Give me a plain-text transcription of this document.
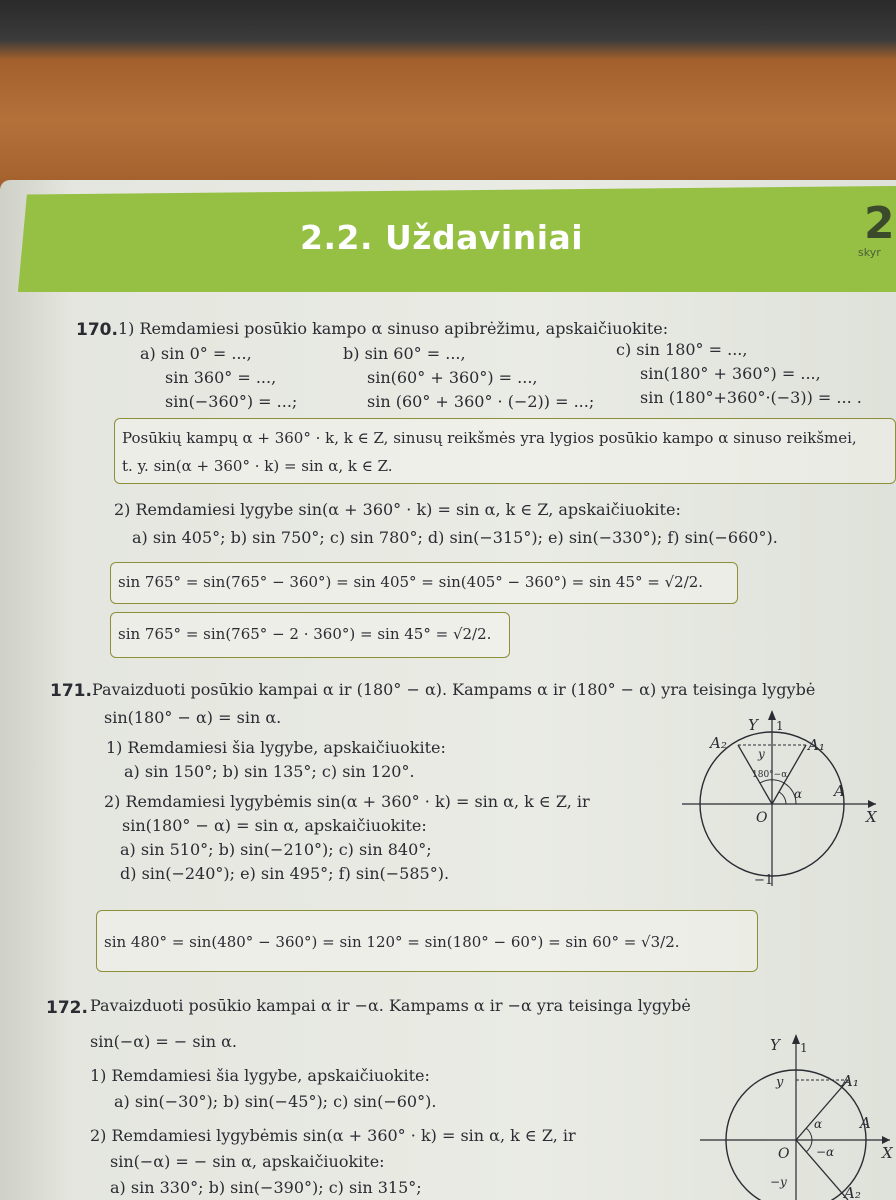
2.2. Uždaviniai	2
skyr
170. 1) Remdamiesi posūkio kampo α sinuso apibrėžimu, apskaičiuokite:
a) sin 0° = ...,
sin 360° = ...,
sin(−360°) = ...;
b) sin 60° = ...,
sin(60° + 360°) = ...,
sin (60° + 360° · (−2)) = ...;
c) sin 180° = ...,
sin(180° + 360°) = ...,
sin (180°+360°·(−3)) = ... .
Posūkių kampų α + 360° · k, k ∈ Z, sinusų reikšmės yra lygios posūkio kampo α sinuso reikšmei,
t. y. sin(α + 360° · k) = sin α, k ∈ Z.
2) Remdamiesi lygybe sin(α + 360° · k) = sin α, k ∈ Z, apskaičiuokite:
a) sin 405°; b) sin 750°; c) sin 780°; d) sin(−315°); e) sin(−330°); f) sin(−660°).
sin 765° = sin(765° − 360°) = sin 405° = sin(405° − 360°) = sin 45° = √2/2.
sin 765° = sin(765° − 2 · 360°) = sin 45° = √2/2.
171. Pavaizduoti posūkio kampai α ir (180° − α). Kampams α ir (180° − α) yra teisinga lygybė
sin(180° − α) = sin α.
1) Remdamiesi šia lygybe, apskaičiuokite:
a) sin 150°; b) sin 135°; c) sin 120°.
2) Remdamiesi lygybėmis sin(α + 360° · k) = sin α, k ∈ Z, ir
sin(180° − α) = sin α, apskaičiuokite:
a) sin 510°; b) sin(−210°); c) sin 840°;
d) sin(−240°); e) sin 495°; f) sin(−585°).
sin 480° = sin(480° − 360°) = sin 120° = sin(180° − 60°) = sin 60° = √3/2.
Y 1
X
O
A
A₁
A₂
y
α
180°−α
−1
172. Pavaizduoti posūkio kampai α ir −α. Kampams α ir −α yra teisinga lygybė
sin(−α) = − sin α.
1) Remdamiesi šia lygybe, apskaičiuokite:
a) sin(−30°); b) sin(−45°); c) sin(−60°).
2) Remdamiesi lygybėmis sin(α + 360° · k) = sin α, k ∈ Z, ir
sin(−α) = − sin α, apskaičiuokite:
a) sin 330°; b) sin(−390°); c) sin 315°;
Y 1
X
O
A
A₁
A₂
y
−y
α
−α
